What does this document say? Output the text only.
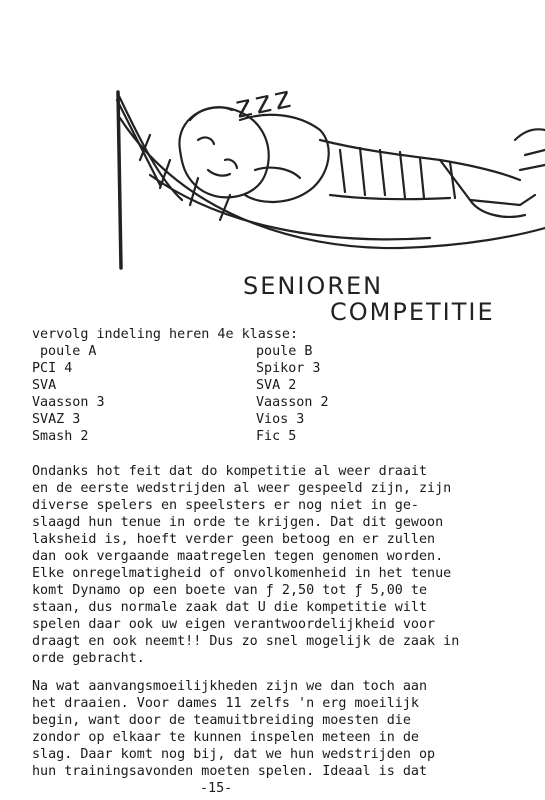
zzz
SENIOREN
COMPETITIE
vervolg indeling heren 4e klasse:
poule A	poule B
PCI 4	Spikor 3
SVA	SVA 2
Vaasson 3	Vaasson 2
SVAZ 3	Vios 3
Smash 2	Fic 5

Ondanks hot feit dat do kompetitie al weer draait

en de eerste wedstrijden al weer gespeeld zijn, zijn

diverse spelers en speelsters er nog niet in ge-

slaagd hun tenue in orde te krijgen. Dat dit gewoon

laksheid is, hoeft verder geen betoog en er zullen

dan ook vergaande maatregelen tegen genomen worden.

Elke onregelmatigheid of onvolkomenheid in het tenue

komt Dynamo op een boete van ƒ 2,50 tot ƒ 5,00 te

staan, dus normale zaak dat U die kompetitie wilt

spelen daar ook uw eigen verantwoordelijkheid voor

draagt en ook neemt!! Dus zo snel mogelijk de zaak in

orde gebracht.

Na wat aanvangsmoeilijkheden zijn we dan toch aan

het draaien. Voor dames 11 zelfs 'n erg moeilijk

begin, want door de teamuitbreiding moesten die

zondor op elkaar te kunnen inspelen meteen in de

slag. Daar komt nog bij, dat we hun wedstrijden op

hun trainingsavonden moeten spelen. Ideaal is dat

-15-
